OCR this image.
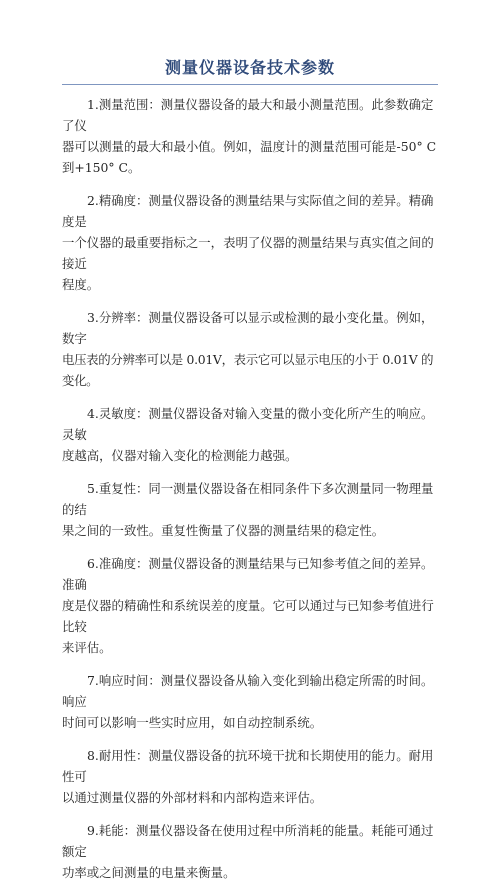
测量仪器设备技术参数

1.测量范围：测量仪器设备的最大和最小测量范围。此参数确定了仪
器可以测量的最大和最小值。例如，温度计的测量范围可能是-50° C
到+150° C。

2.精确度：测量仪器设备的测量结果与实际值之间的差异。精确度是
一个仪器的最重要指标之一，表明了仪器的测量结果与真实值之间的接近
程度。

3.分辨率：测量仪器设备可以显示或检测的最小变化量。例如，数字
电压表的分辨率可以是 0.01V，表示它可以显示电压的小于 0.01V 的变化。

4.灵敏度：测量仪器设备对输入变量的微小变化所产生的响应。灵敏
度越高，仪器对输入变化的检测能力越强。

5.重复性：同一测量仪器设备在相同条件下多次测量同一物理量的结
果之间的一致性。重复性衡量了仪器的测量结果的稳定性。

6.准确度：测量仪器设备的测量结果与已知参考值之间的差异。准确
度是仪器的精确性和系统误差的度量。它可以通过与已知参考值进行比较
来评估。

7.响应时间：测量仪器设备从输入变化到输出稳定所需的时间。响应
时间可以影响一些实时应用，如自动控制系统。

8.耐用性：测量仪器设备的抗环境干扰和长期使用的能力。耐用性可
以通过测量仪器的外部材料和内部构造来评估。

9.耗能：测量仪器设备在使用过程中所消耗的能量。耗能可通过额定
功率或之间测量的电量来衡量。
